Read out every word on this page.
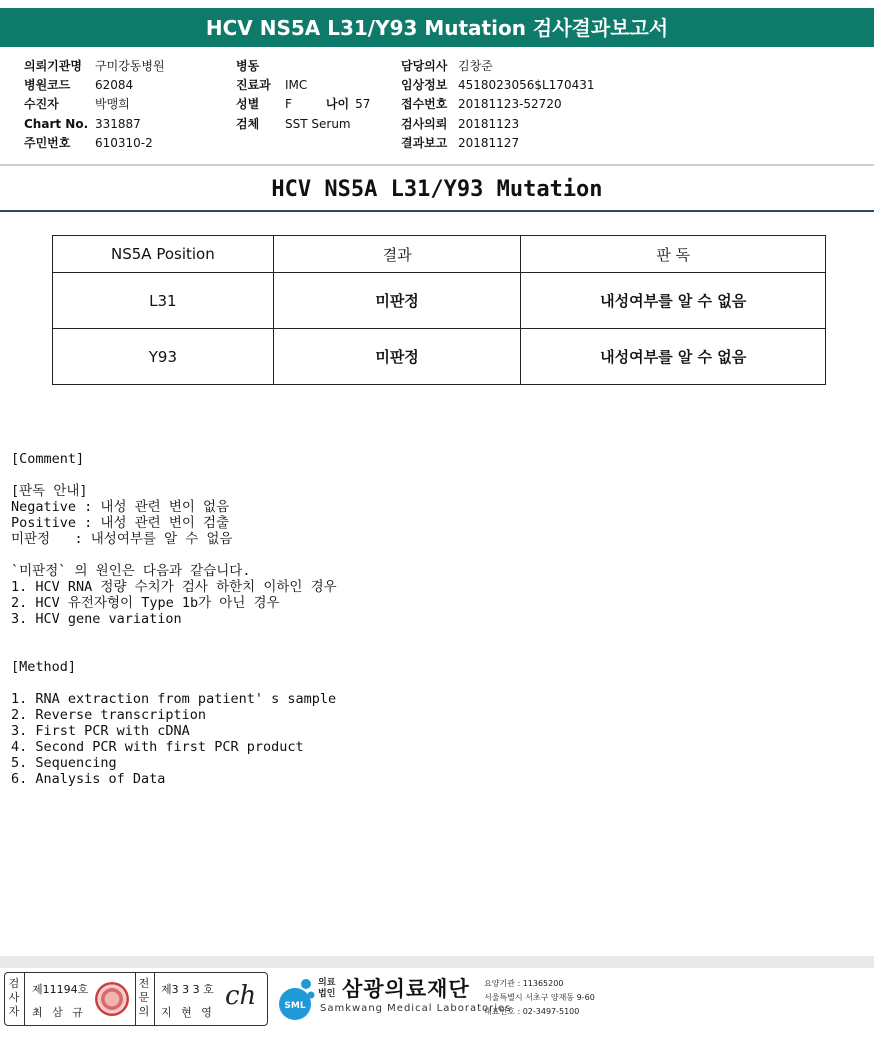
HCV NS5A L31/Y93 Mutation 검사결과보고서
의뢰기관명 구미강동병원
병원코드 62084
수진자	박맹희
Chart No. 331887
주민번호 610310-2
병동
진료과 IMC
성별 F	나이 57
검체 SST Serum
담당의사 김창준
임상정보 4518023056$L170431
접수번호 20181123-52720
검사의뢰 20181123
결과보고 20181127
HCV NS5A L31/Y93 Mutation
NS5A Position	결과	판 독
L31	미판정	내성여부를 알 수 없음
Y93	미판정	내성여부를 알 수 없음
[Comment]

[판독 안내]
Negative : 내성 관련 변이 없음
Positive : 내성 관련 변이 검출
미판정   : 내성여부를 알 수 없음

`미판정` 의 원인은 다음과 같습니다.
1. HCV RNA 정량 수치가 검사 하한치 이하인 경우
2. HCV 유전자형이 Type 1b가 아닌 경우
3. HCV gene variation

[Method]

1. RNA extraction from patient' s sample
2. Reverse transcription
3. First PCR with cDNA
4. Second PCR with first PCR product
5. Sequencing
6. Analysis of Data
검
사
자
제11194호
최 삼 규
전
문
의
제3 3 3 호
지 현 영
ch	SML
의료법인 삼광의료재단
Samkwang Medical Laboratories
요양기관 : 11365200
서울특별시 서초구 양재동 9-60
대표번호 : 02-3497-5100
